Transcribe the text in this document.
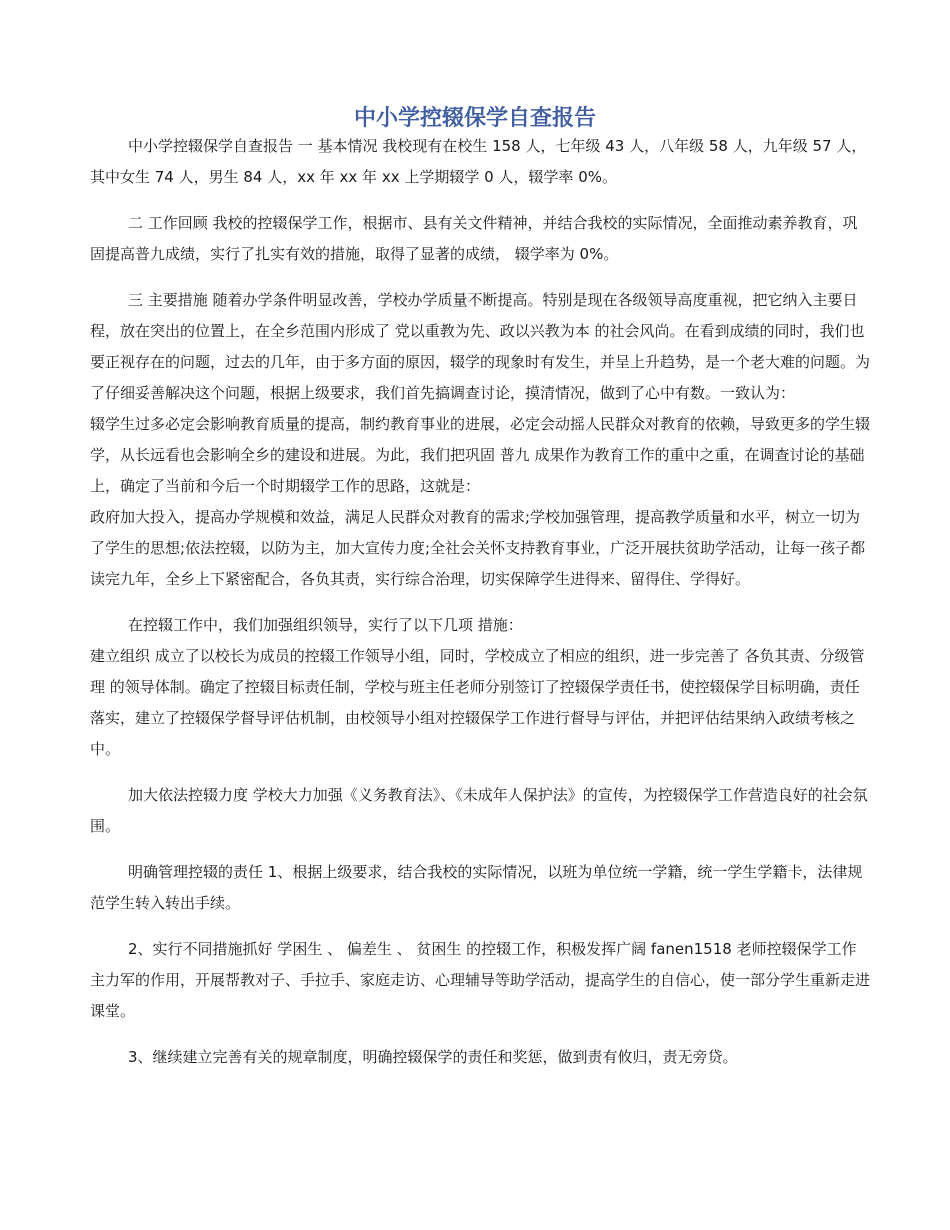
中小学控辍保学自查报告

中小学控辍保学自查报告 一 基本情况 我校现有在校生 158 人，七年级 43 人，八年级 58 人，九年级 57 人，其中女生 74 人，男生 84 人，xx 年 xx 年 xx 上学期辍学 0 人，辍学率 0%。

二 工作回顾 我校的控辍保学工作，根据市、县有关文件精神，并结合我校的实际情况，全面推动素养教育，巩固提高普九成绩，实行了扎实有效的措施，取得了显著的成绩， 辍学率为 0%。

三 主要措施 随着办学条件明显改善，学校办学质量不断提高。特别是现在各级领导高度重视，把它纳入主要日程，放在突出的位置上，在全乡范围内形成了 党以重教为先、政以兴教为本 的社会风尚。在看到成绩的同时，我们也要正视存在的问题，过去的几年，由于多方面的原因，辍学的现象时有发生，并呈上升趋势，是一个老大难的问题。为了仔细妥善解决这个问题，根据上级要求，我们首先搞调查讨论，摸清情况，做到了心中有数。一致认为：

辍学生过多必定会影响教育质量的提高，制约教育事业的进展，必定会动摇人民群众对教育的依赖，导致更多的学生辍学，从长远看也会影响全乡的建设和进展。为此，我们把巩固 普九 成果作为教育工作的重中之重，在调查讨论的基础上，确定了当前和今后一个时期辍学工作的思路，这就是：

政府加大投入，提高办学规模和效益，满足人民群众对教育的需求;学校加强管理，提高教学质量和水平，树立一切为了学生的思想;依法控辍，以防为主，加大宣传力度;全社会关怀支持教育事业，广泛开展扶贫助学活动，让每一孩子都读完九年，全乡上下紧密配合，各负其责，实行综合治理，切实保障学生进得来、留得住、学得好。

在控辍工作中，我们加强组织领导，实行了以下几项 措施：

建立组织 成立了以校长为成员的控辍工作领导小组，同时，学校成立了相应的组织，进一步完善了 各负其责、分级管理 的领导体制。确定了控辍目标责任制，学校与班主任老师分别签订了控辍保学责任书，使控辍保学目标明确，责任落实，建立了控辍保学督导评估机制，由校领导小组对控辍保学工作进行督导与评估，并把评估结果纳入政绩考核之中。

加大依法控辍力度 学校大力加强《义务教育法》、《未成年人保护法》的宣传，为控辍保学工作营造良好的社会氛围。

明确管理控辍的责任 1、根据上级要求，结合我校的实际情况，以班为单位统一学籍，统一学生学籍卡，法律规范学生转入转出手续。

2、实行不同措施抓好 学困生 、 偏差生 、 贫困生 的控辍工作，积极发挥广阔 fanen1518 老师控辍保学工作主力军的作用，开展帮教对子、手拉手、家庭走访、心理辅导等助学活动，提高学生的自信心，使一部分学生重新走进课堂。

3、继续建立完善有关的规章制度，明确控辍保学的责任和奖惩，做到责有攸归，责无旁贷。
